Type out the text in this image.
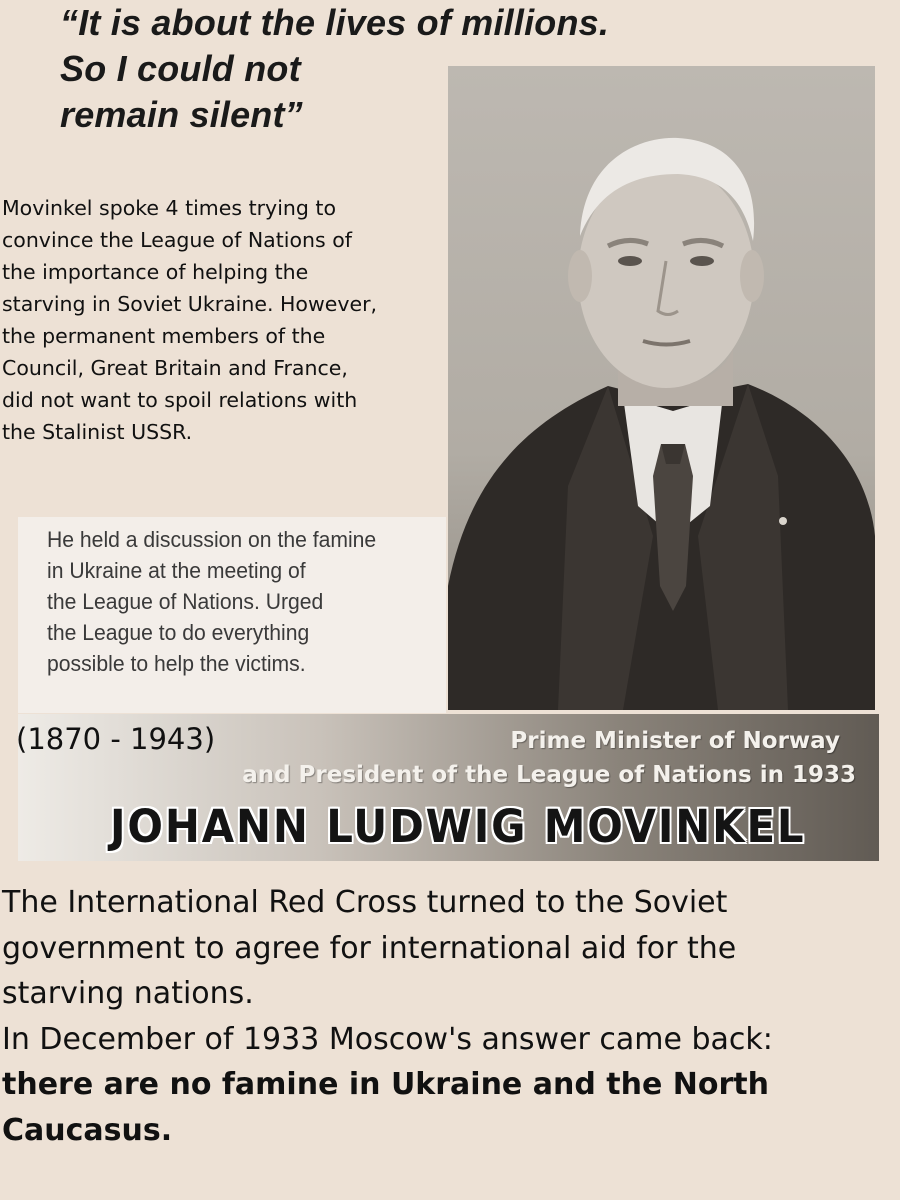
“It is about the lives of millions.
So I could not
remain silent”
Movinkel spoke 4 times trying to
convince the League of Nations of
the importance of helping the
starving in Soviet Ukraine. However,
the permanent members of the
Council, Great Britain and France,
did not want to spoil relations with
the Stalinist USSR.
He held a discussion on the famine
in Ukraine at the meeting of
the League of Nations. Urged
the League to do everything
possible to help the victims.
(1870 - 1943)	Prime Minister of Norway
and President of the League of Nations in 1933
JOHANN LUDWIG MOVINKEL
The International Red Cross turned to the Soviet
government to agree for international aid for the
starving nations.
In December of 1933 Moscow's answer came back:
there are no famine in Ukraine and the North
Caucasus.
